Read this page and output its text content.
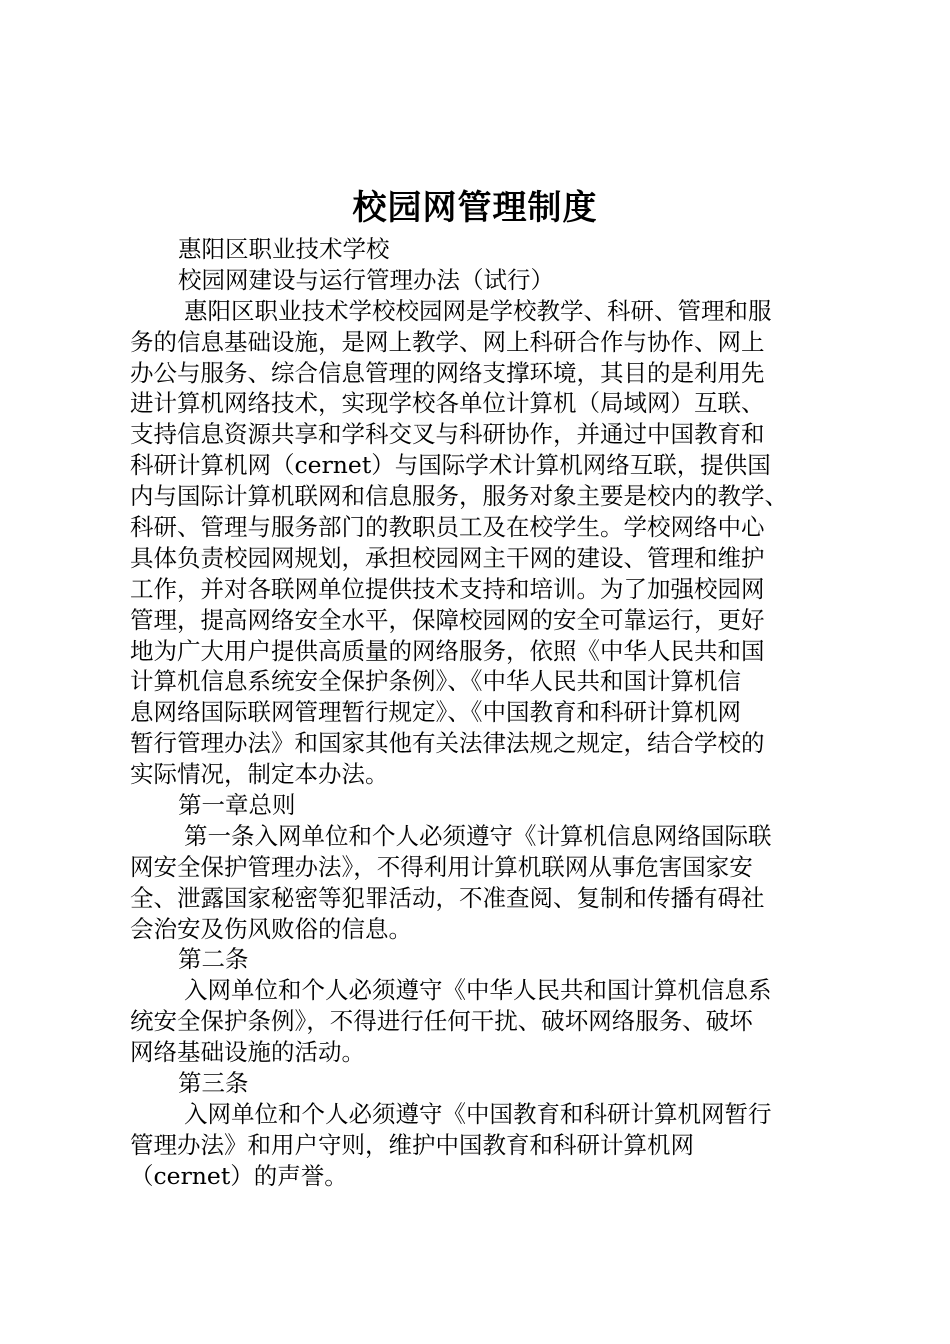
校园网管理制度
惠阳区职业技术学校
校园网建设与运行管理办法（试行）
惠阳区职业技术学校校园网是学校教学、科研、管理和服
务的信息基础设施，是网上教学、网上科研合作与协作、网上
办公与服务、综合信息管理的网络支撑环境，其目的是利用先
进计算机网络技术，实现学校各单位计算机（局域网）互联、
支持信息资源共享和学科交叉与科研协作，并通过中国教育和
科研计算机网（cernet）与国际学术计算机网络互联，提供国
内与国际计算机联网和信息服务，服务对象主要是校内的教学、
科研、管理与服务部门的教职员工及在校学生。学校网络中心
具体负责校园网规划，承担校园网主干网的建设、管理和维护
工作，并对各联网单位提供技术支持和培训。为了加强校园网
管理，提高网络安全水平，保障校园网的安全可靠运行，更好
地为广大用户提供高质量的网络服务，依照《中华人民共和国
计算机信息系统安全保护条例》、《中华人民共和国计算机信
息网络国际联网管理暂行规定》、《中国教育和科研计算机网
暂行管理办法》和国家其他有关法律法规之规定，结合学校的
实际情况，制定本办法。
第一章总则
第一条入网单位和个人必须遵守《计算机信息网络国际联
网安全保护管理办法》，不得利用计算机联网从事危害国家安
全、泄露国家秘密等犯罪活动，不准查阅、复制和传播有碍社
会治安及伤风败俗的信息。
第二条
入网单位和个人必须遵守《中华人民共和国计算机信息系
统安全保护条例》，不得进行任何干扰、破坏网络服务、破坏
网络基础设施的活动。
第三条
入网单位和个人必须遵守《中国教育和科研计算机网暂行
管理办法》和用户守则，维护中国教育和科研计算机网
（cernet）的声誉。
